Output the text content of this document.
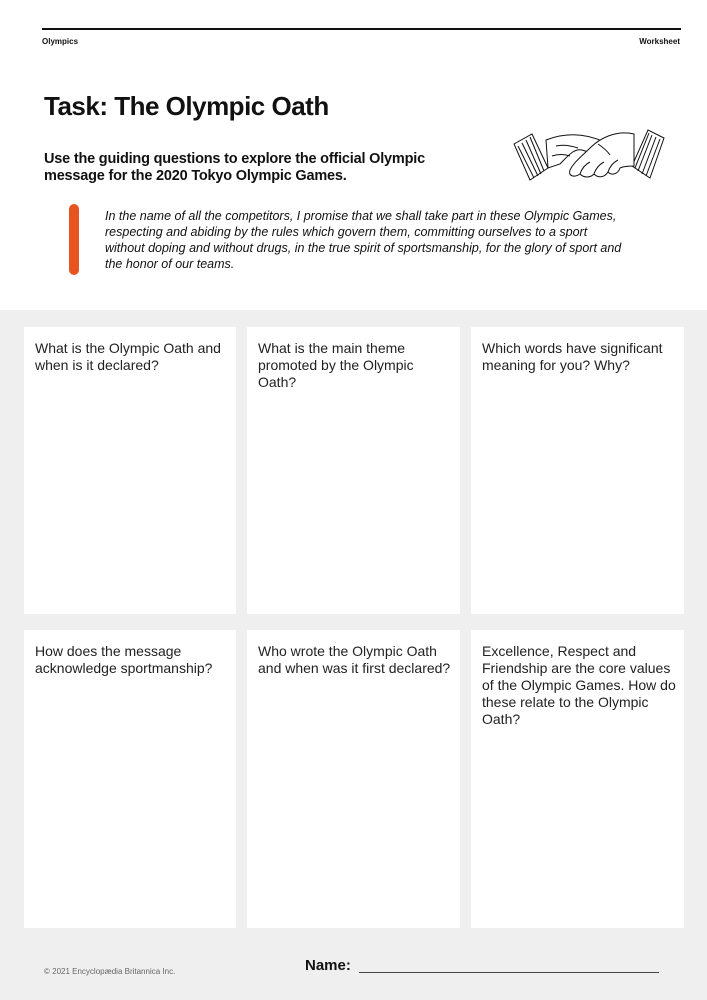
Olympics	Worksheet
Task: The Olympic Oath

Use the guiding questions to explore the official Olympic message for the 2020 Tokyo Olympic Games.

In the name of all the competitors, I promise that we shall take part in these Olympic Games, respecting and abiding by the rules which govern them, committing ourselves to a sport without doping and without drugs, in the true spirit of sportsmanship, for the glory of sport and the honor of our teams.

What is the Olympic Oath and when is it declared?

What is the main theme promoted by the Olympic Oath?

Which words have significant meaning for you? Why?

How does the message acknowledge sportmanship?

Who wrote the Olympic Oath and when was it first declared?

Excellence, Respect and Friendship are the core values of the Olympic Games. How do these relate to the Olympic Oath?

© 2021 Encyclopædia Britannica Inc.	Name:
